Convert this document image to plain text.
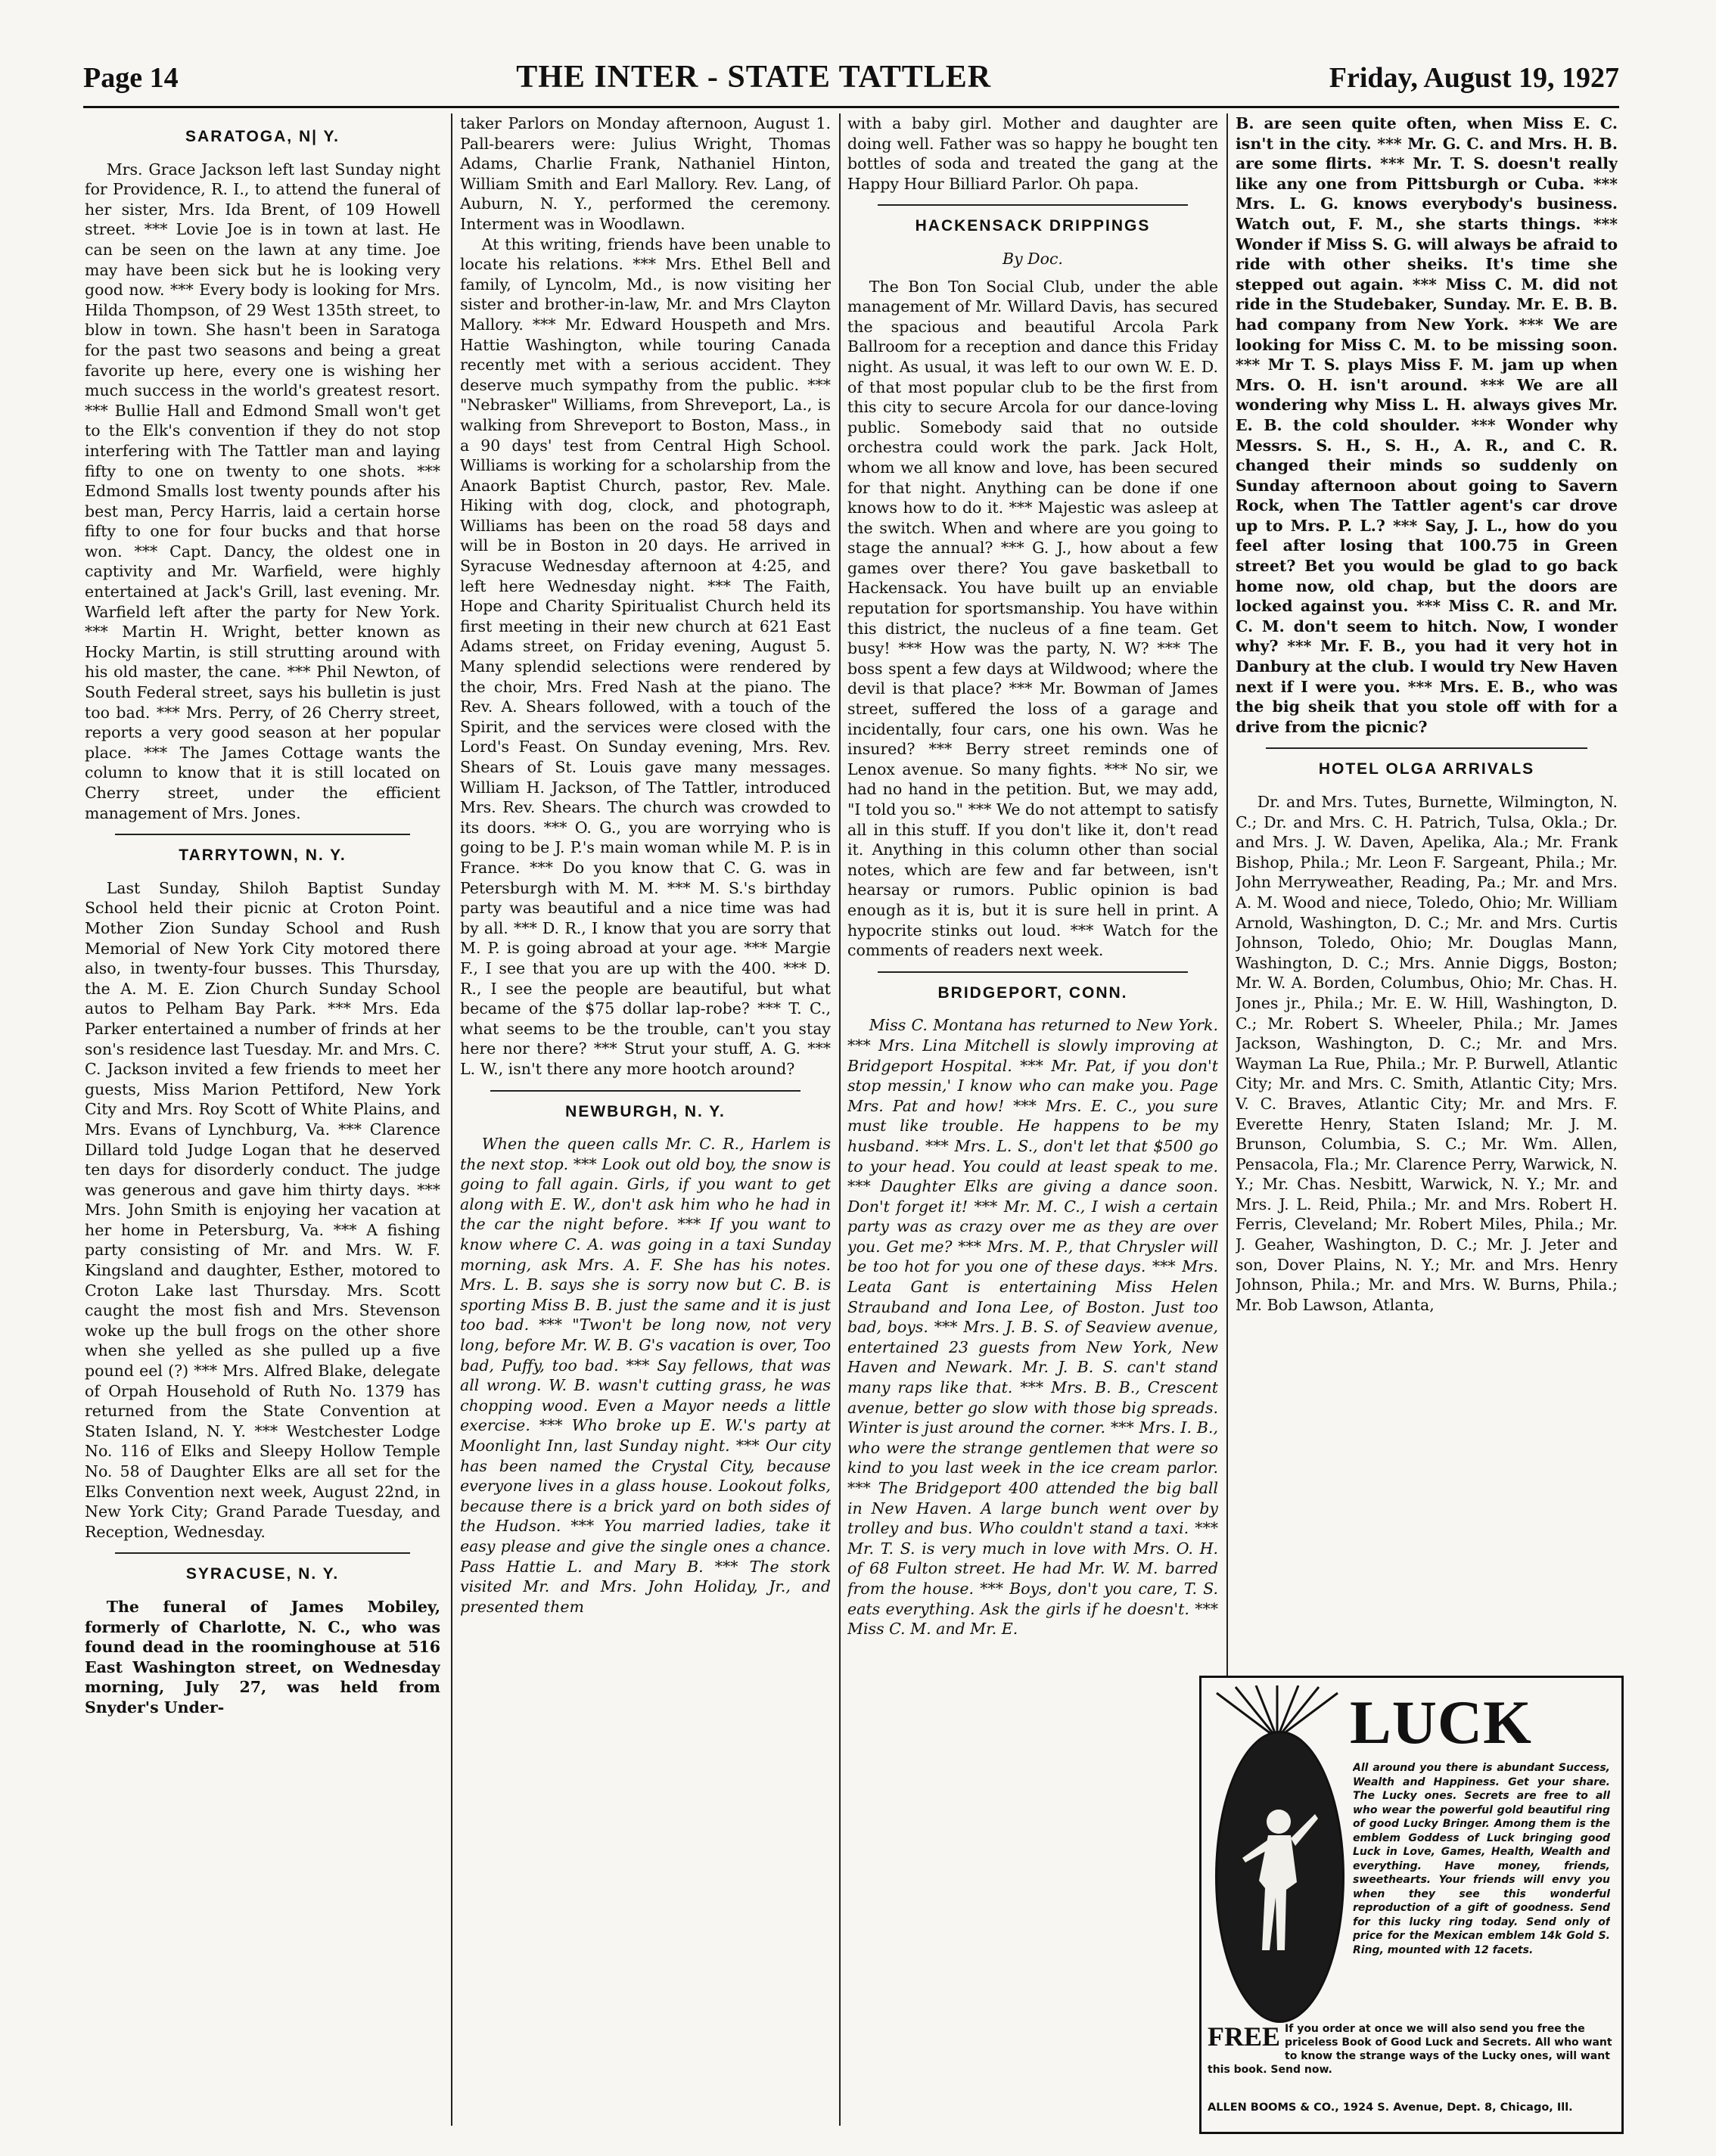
Page 14	THE INTER - STATE TATTLER	Friday, August 19, 1927
SARATOGA, N| Y.

Mrs. Grace Jackson left last Sunday night for Providence, R. I., to attend the funeral of her sister, Mrs. Ida Brent, of 109 Howell street. *** Lovie Joe is in town at last. He can be seen on the lawn at any time. Joe may have been sick but he is looking very good now. *** Every body is looking for Mrs. Hilda Thompson, of 29 West 135th street, to blow in town. She hasn't been in Saratoga for the past two seasons and being a great favorite up here, every one is wishing her much success in the world's greatest resort. *** Bullie Hall and Edmond Small won't get to the Elk's convention if they do not stop interfering with The Tattler man and laying fifty to one on twenty to one shots. *** Edmond Smalls lost twenty pounds after his best man, Percy Harris, laid a certain horse fifty to one for four bucks and that horse won. *** Capt. Dancy, the oldest one in captivity and Mr. Warfield, were highly entertained at Jack's Grill, last evening. Mr. Warfield left after the party for New York. *** Martin H. Wright, better known as Hocky Martin, is still strutting around with his old master, the cane. *** Phil Newton, of South Federal street, says his bulletin is just too bad. *** Mrs. Perry, of 26 Cherry street, reports a very good season at her popular place. *** The James Cottage wants the column to know that it is still located on Cherry street, under the efficient management of Mrs. Jones.

TARRYTOWN, N. Y.

Last Sunday, Shiloh Baptist Sunday School held their picnic at Croton Point. Mother Zion Sunday School and Rush Memorial of New York City motored there also, in twenty-four busses. This Thursday, the A. M. E. Zion Church Sunday School autos to Pelham Bay Park. *** Mrs. Eda Parker entertained a number of frinds at her son's residence last Tuesday. Mr. and Mrs. C. C. Jackson invited a few friends to meet her guests, Miss Marion Pettiford, New York City and Mrs. Roy Scott of White Plains, and Mrs. Evans of Lynchburg, Va. *** Clarence Dillard told Judge Logan that he deserved ten days for disorderly conduct. The judge was generous and gave him thirty days. *** Mrs. John Smith is enjoying her vacation at her home in Petersburg, Va. *** A fishing party consisting of Mr. and Mrs. W. F. Kingsland and daughter, Esther, motored to Croton Lake last Thursday. Mrs. Scott caught the most fish and Mrs. Stevenson woke up the bull frogs on the other shore when she yelled as she pulled up a five pound eel (?) *** Mrs. Alfred Blake, delegate of Orpah Household of Ruth No. 1379 has returned from the State Convention at Staten Island, N. Y. *** Westchester Lodge No. 116 of Elks and Sleepy Hollow Temple No. 58 of Daughter Elks are all set for the Elks Convention next week, August 22nd, in New York City; Grand Parade Tuesday, and Reception, Wednesday.

SYRACUSE, N. Y.

The funeral of James Mobiley, formerly of Charlotte, N. C., who was found dead in the roominghouse at 516 East Washington street, on Wednesday morning, July 27, was held from Snyder's Under-

taker Parlors on Monday afternoon, August 1. Pall-bearers were: Julius Wright, Thomas Adams, Charlie Frank, Nathaniel Hinton, William Smith and Earl Mallory. Rev. Lang, of Auburn, N. Y., performed the ceremony. Interment was in Woodlawn.

At this writing, friends have been unable to locate his relations. *** Mrs. Ethel Bell and family, of Lyncolm, Md., is now visiting her sister and brother-in-law, Mr. and Mrs Clayton Mallory. *** Mr. Edward Houspeth and Mrs. Hattie Washington, while touring Canada recently met with a serious accident. They deserve much sympathy from the public. *** "Nebrasker" Williams, from Shreveport, La., is walking from Shreveport to Boston, Mass., in a 90 days' test from Central High School. Williams is working for a scholarship from the Anaork Baptist Church, pastor, Rev. Male. Hiking with dog, clock, and photograph, Williams has been on the road 58 days and will be in Boston in 20 days. He arrived in Syracuse Wednesday afternoon at 4:25, and left here Wednesday night. *** The Faith, Hope and Charity Spiritualist Church held its first meeting in their new church at 621 East Adams street, on Friday evening, August 5. Many splendid selections were rendered by the choir, Mrs. Fred Nash at the piano. The Rev. A. Shears followed, with a touch of the Spirit, and the services were closed with the Lord's Feast. On Sunday evening, Mrs. Rev. Shears of St. Louis gave many messages. William H. Jackson, of The Tattler, introduced Mrs. Rev. Shears. The church was crowded to its doors. *** O. G., you are worrying who is going to be J. P.'s main woman while M. P. is in France. *** Do you know that C. G. was in Petersburgh with M. M. *** M. S.'s birthday party was beautiful and a nice time was had by all. *** D. R., I know that you are sorry that M. P. is going abroad at your age. *** Margie F., I see that you are up with the 400. *** D. R., I see the people are beautiful, but what became of the $75 dollar lap-robe? *** T. C., what seems to be the trouble, can't you stay here nor there? *** Strut your stuff, A. G. *** L. W., isn't there any more hootch around?

NEWBURGH, N. Y.

When the queen calls Mr. C. R., Harlem is the next stop. *** Look out old boy, the snow is going to fall again. Girls, if you want to get along with E. W., don't ask him who he had in the car the night before. *** If you want to know where C. A. was going in a taxi Sunday morning, ask Mrs. A. F. She has his notes. Mrs. L. B. says she is sorry now but C. B. is sporting Miss B. B. just the same and it is just too bad. *** "Twon't be long now, not very long, before Mr. W. B. G's vacation is over, Too bad, Puffy, too bad. *** Say fellows, that was all wrong. W. B. wasn't cutting grass, he was chopping wood. Even a Mayor needs a little exercise. *** Who broke up E. W.'s party at Moonlight Inn, last Sunday night. *** Our city has been named the Crystal City, because everyone lives in a glass house. Lookout folks, because there is a brick yard on both sides of the Hudson. *** You married ladies, take it easy please and give the single ones a chance. Pass Hattie L. and Mary B. *** The stork visited Mr. and Mrs. John Holiday, Jr., and presented them

with a baby girl. Mother and daughter are doing well. Father was so happy he bought ten bottles of soda and treated the gang at the Happy Hour Billiard Parlor. Oh papa.

HACKENSACK DRIPPINGS
By Doc.

The Bon Ton Social Club, under the able management of Mr. Willard Davis, has secured the spacious and beautiful Arcola Park Ballroom for a reception and dance this Friday night. As usual, it was left to our own W. E. D. of that most popular club to be the first from this city to secure Arcola for our dance-loving public. Somebody said that no outside orchestra could work the park. Jack Holt, whom we all know and love, has been secured for that night. Anything can be done if one knows how to do it. *** Majestic was asleep at the switch. When and where are you going to stage the annual? *** G. J., how about a few games over there? You gave basketball to Hackensack. You have built up an enviable reputation for sportsmanship. You have within this district, the nucleus of a fine team. Get busy! *** How was the party, N. W? *** The boss spent a few days at Wildwood; where the devil is that place? *** Mr. Bowman of James street, suffered the loss of a garage and incidentally, four cars, one his own. Was he insured? *** Berry street reminds one of Lenox avenue. So many fights. *** No sir, we had no hand in the petition. But, we may add, "I told you so." *** We do not attempt to satisfy all in this stuff. If you don't like it, don't read it. Anything in this column other than social notes, which are few and far between, isn't hearsay or rumors. Public opinion is bad enough as it is, but it is sure hell in print. A hypocrite stinks out loud. *** Watch for the comments of readers next week.

BRIDGEPORT, CONN.

Miss C. Montana has returned to New York. *** Mrs. Lina Mitchell is slowly improving at Bridgeport Hospital. *** Mr. Pat, if you don't stop messin,' I know who can make you. Page Mrs. Pat and how! *** Mrs. E. C., you sure must like trouble. He happens to be my husband. *** Mrs. L. S., don't let that $500 go to your head. You could at least speak to me. *** Daughter Elks are giving a dance soon. Don't forget it! *** Mr. M. C., I wish a certain party was as crazy over me as they are over you. Get me? *** Mrs. M. P., that Chrysler will be too hot for you one of these days. *** Mrs. Leata Gant is entertaining Miss Helen Strauband and Iona Lee, of Boston. Just too bad, boys. *** Mrs. J. B. S. of Seaview avenue, entertained 23 guests from New York, New Haven and Newark. Mr. J. B. S. can't stand many raps like that. *** Mrs. B. B., Crescent avenue, better go slow with those big spreads. Winter is just around the corner. *** Mrs. I. B., who were the strange gentlemen that were so kind to you last week in the ice cream parlor. *** The Bridgeport 400 attended the big ball in New Haven. A large bunch went over by trolley and bus. Who couldn't stand a taxi. *** Mr. T. S. is very much in love with Mrs. O. H. of 68 Fulton street. He had Mr. W. M. barred from the house. *** Boys, don't you care, T. S. eats everything. Ask the girls if he doesn't. *** Miss C. M. and Mr. E.

B. are seen quite often, when Miss E. C. isn't in the city. *** Mr. G. C. and Mrs. H. B. are some flirts. *** Mr. T. S. doesn't really like any one from Pittsburgh or Cuba. *** Mrs. L. G. knows everybody's business. Watch out, F. M., she starts things. *** Wonder if Miss S. G. will always be afraid to ride with other sheiks. It's time she stepped out again. *** Miss C. M. did not ride in the Studebaker, Sunday. Mr. E. B. B. had company from New York. *** We are looking for Miss C. M. to be missing soon. *** Mr T. S. plays Miss F. M. jam up when Mrs. O. H. isn't around. *** We are all wondering why Miss L. H. always gives Mr. E. B. the cold shoulder. *** Wonder why Messrs. S. H., S. H., A. R., and C. R. changed their minds so suddenly on Sunday afternoon about going to Savern Rock, when The Tattler agent's car drove up to Mrs. P. L.? *** Say, J. L., how do you feel after losing that 100.75 in Green street? Bet you would be glad to go back home now, old chap, but the doors are locked against you. *** Miss C. R. and Mr. C. M. don't seem to hitch. Now, I wonder why? *** Mr. F. B., you had it very hot in Danbury at the club. I would try New Haven next if I were you. *** Mrs. E. B., who was the big sheik that you stole off with for a drive from the picnic?

HOTEL OLGA ARRIVALS

Dr. and Mrs. Tutes, Burnette, Wilmington, N. C.; Dr. and Mrs. C. H. Patrich, Tulsa, Okla.; Dr. and Mrs. J. W. Daven, Apelika, Ala.; Mr. Frank Bishop, Phila.; Mr. Leon F. Sargeant, Phila.; Mr. John Merryweather, Reading, Pa.; Mr. and Mrs. A. M. Wood and niece, Toledo, Ohio; Mr. William Arnold, Washington, D. C.; Mr. and Mrs. Curtis Johnson, Toledo, Ohio; Mr. Douglas Mann, Washington, D. C.; Mrs. Annie Diggs, Boston; Mr. W. A. Borden, Columbus, Ohio; Mr. Chas. H. Jones jr., Phila.; Mr. E. W. Hill, Washington, D. C.; Mr. Robert S. Wheeler, Phila.; Mr. James Jackson, Washington, D. C.; Mr. and Mrs. Wayman La Rue, Phila.; Mr. P. Burwell, Atlantic City; Mr. and Mrs. C. Smith, Atlantic City; Mrs. V. C. Braves, Atlantic City; Mr. and Mrs. F. Everette Henry, Staten Island; Mr. J. M. Brunson, Columbia, S. C.; Mr. Wm. Allen, Pensacola, Fla.; Mr. Clarence Perry, Warwick, N. Y.; Mr. Chas. Nesbitt, Warwick, N. Y.; Mr. and Mrs. J. L. Reid, Phila.; Mr. and Mrs. Robert H. Ferris, Cleveland; Mr. Robert Miles, Phila.; Mr. J. Geaher, Washington, D. C.; Mr. J. Jeter and son, Dover Plains, N. Y.; Mr. and Mrs. Henry Johnson, Phila.; Mr. and Mrs. W. Burns, Phila.; Mr. Bob Lawson, Atlanta,

LUCK
All around you there is abundant Success, Wealth and Happiness. Get your share. The Lucky ones. Secrets are free to all who wear the powerful gold beautiful ring of good Lucky Bringer. Among them is the emblem Goddess of Luck bringing good Luck in Love, Games, Health, Wealth and everything. Have money, friends, sweethearts. Your friends will envy you when they see this wonderful reproduction of a gift of goodness. Send for this lucky ring today. Send only of price for the Mexican emblem 14k Gold S. Ring, mounted with 12 facets.
FREE If you order at once we will also send you free the priceless Book of Good Luck and Secrets. All who want to know the strange ways of the Lucky ones, will want this book. Send now.
ALLEN BOOMS & CO., 1924 S. Avenue, Dept. 8, Chicago, Ill.
